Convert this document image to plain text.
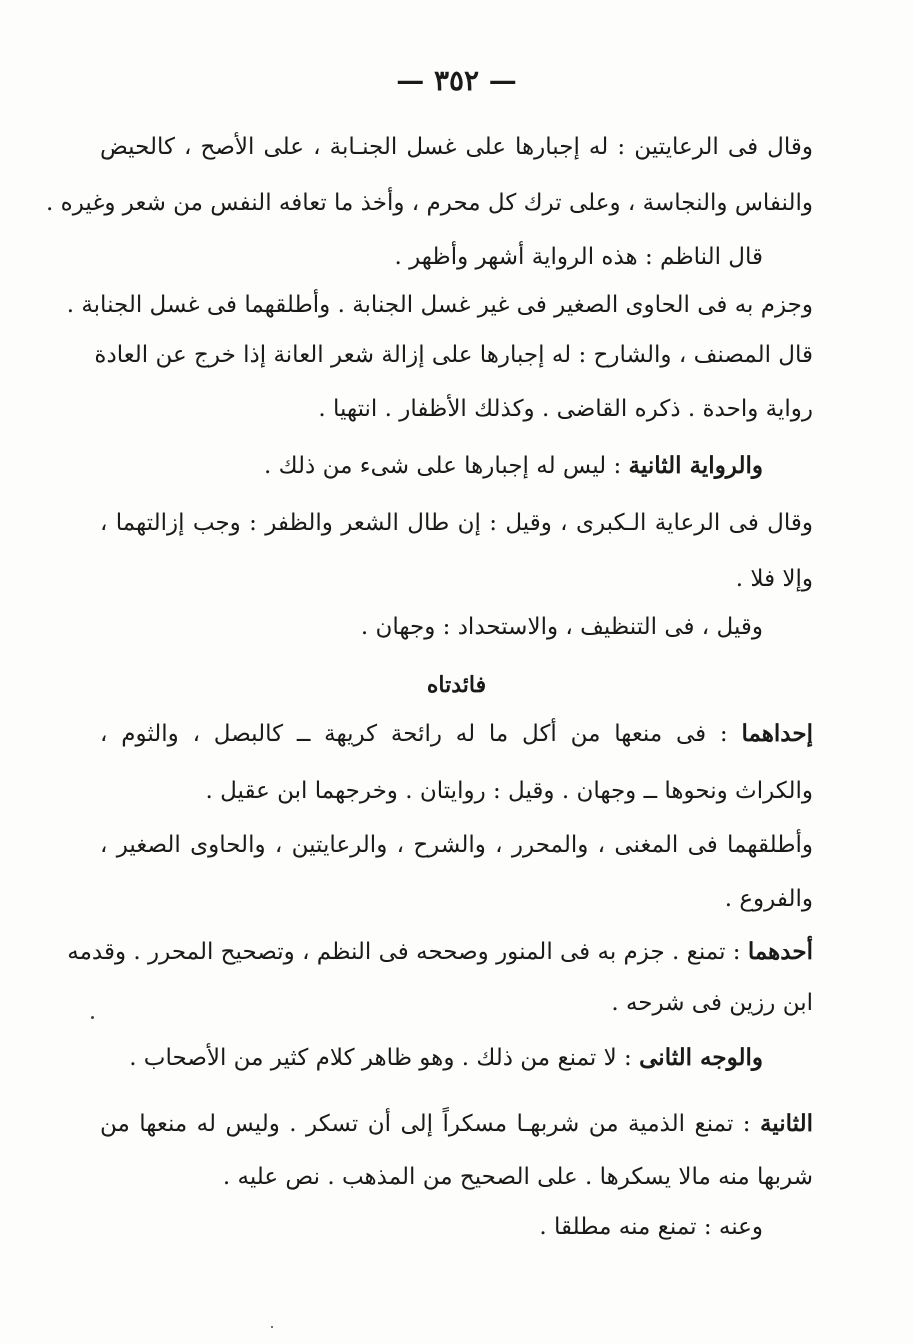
— ٣٥٢ —
وقال فى الرعايتين : له إجبارها على غسل الجنـابة ، على الأصح ، كالحيض
والنفاس والنجاسة ، وعلى ترك كل محرم ، وأخذ ما تعافه النفس من شعر وغيره .
قال الناظم : هذه الرواية أشهر وأظهر .
وجزم به فى الحاوى الصغير فى غير غسل الجنابة . وأطلقهما فى غسل الجنابة .
قال المصنف ، والشارح : له إجبارها على إزالة شعر العانة إذا خرج عن العادة
رواية واحدة . ذكره القاضى . وكذلك الأظفار . انتهيا .
والرواية الثانية : ليس له إجبارها على شىء من ذلك .
وقال فى الرعاية الـكبرى ، وقيل : إن طال الشعر والظفر : وجب إزالتهما ،
وإلا فلا .
وقيل ، فى التنظيف ، والاستحداد : وجهان .
فائدتاه
إحداهما : فى منعها من أكل ما له رائحة كريهة ــ كالبصل ، والثوم ،
والكراث ونحوها ــ وجهان . وقيل : روايتان . وخرجهما ابن عقيل .
وأطلقهما فى المغنى ، والمحرر ، والشرح ، والرعايتين ، والحاوى الصغير ،
والفروع .
أحدهما : تمنع . جزم به فى المنور وصححه فى النظم ، وتصحيح المحرر . وقدمه
ابن رزين فى شرحه .
والوجه الثانى : لا تمنع من ذلك . وهو ظاهر كلام كثير من الأصحاب .
الثانية : تمنع الذمية من شربهـا مسكراً إلى أن تسكر . وليس له منعها من
شربها منه مالا يسكرها . على الصحيح من المذهب . نص عليه .
وعنه : تمنع منه مطلقا .
